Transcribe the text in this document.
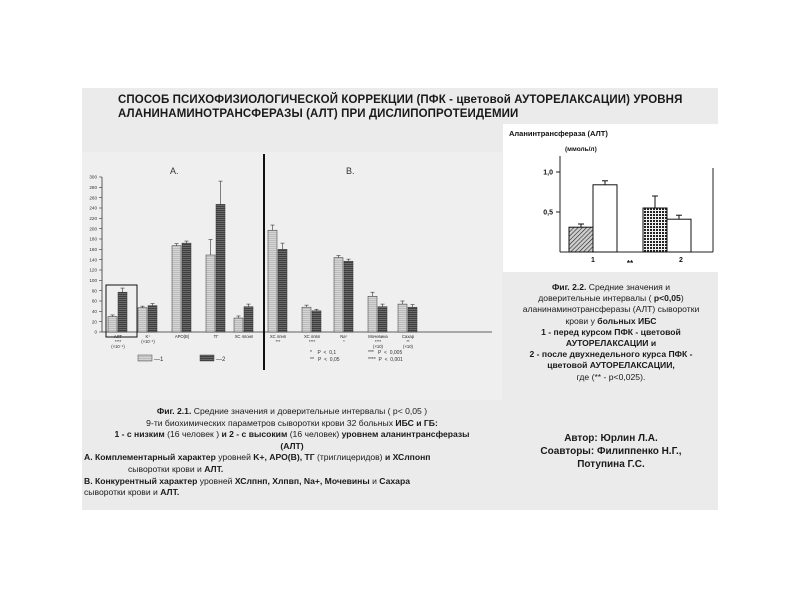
СПОСОБ ПСИХОФИЗИОЛОГИЧЕСКОЙ КОРРЕКЦИИ (ПФК - цветовой АУТОРЕЛАКСАЦИИ) УРОВНЯ
АЛАНИНАМИНОТРАНСФЕРАЗЫ (АЛТ) ПРИ ДИСЛИПОПРОТЕИДЕМИИ
0
20
40
60
80
100
120
140
160
180
200
220
240
260
280
300
АЛТ
****
(×10⁻¹)
K⁺
(×10⁻¹)
АРО(В)	ТГ	ХС лпонп	ХС лпнп
***
ХС лпвп
****
Na⁺
*
Мочевина
****
(×10)
Сахар
**
(×10)
А.	В.
*    P  <  0,1
**   P  <  0,05
***   P  <  0,005
****  P  <  0,001
—1	—2
Аланинтрансфераза (АЛТ)
(ммоль/л)
1,0
0,5
1	2
**
Фиг. 2.1. Средние значения и доверительные интервалы ( р< 0,05 )
9-ти биохимических параметров сыворотки крови 32 больных ИБС и ГБ:
1 - с низким (16 человек ) и 2 - с высоким (16 человек) уровнем аланинтрансферазы
(АЛТ)
А. Комплементарный характер уровней K+, АРО(В), ТГ (триглицеридов) и ХСлпонп
сыворотки крови и АЛТ.
В. Конкурентный характер уровней ХСлпнп, Хлпвп, Na+, Мочевины и Сахара
сыворотки крови и АЛТ.
Фиг. 2.2. Средние значения и
доверительные интервалы ( р<0,05)
аланинаминотрансферазы (АЛТ) сыворотки
крови у больных ИБС
1 - перед курсом ПФК - цветовой
АУТОРЕЛАКСАЦИИ и
2 - после двухнедельного курса ПФК -
цветовой АУТОРЕЛАКСАЦИИ,
где (** - р<0,025).
Автор: Юрлин Л.А.
Соавторы: Филиппенко Н.Г.,
Потупина Г.С.
